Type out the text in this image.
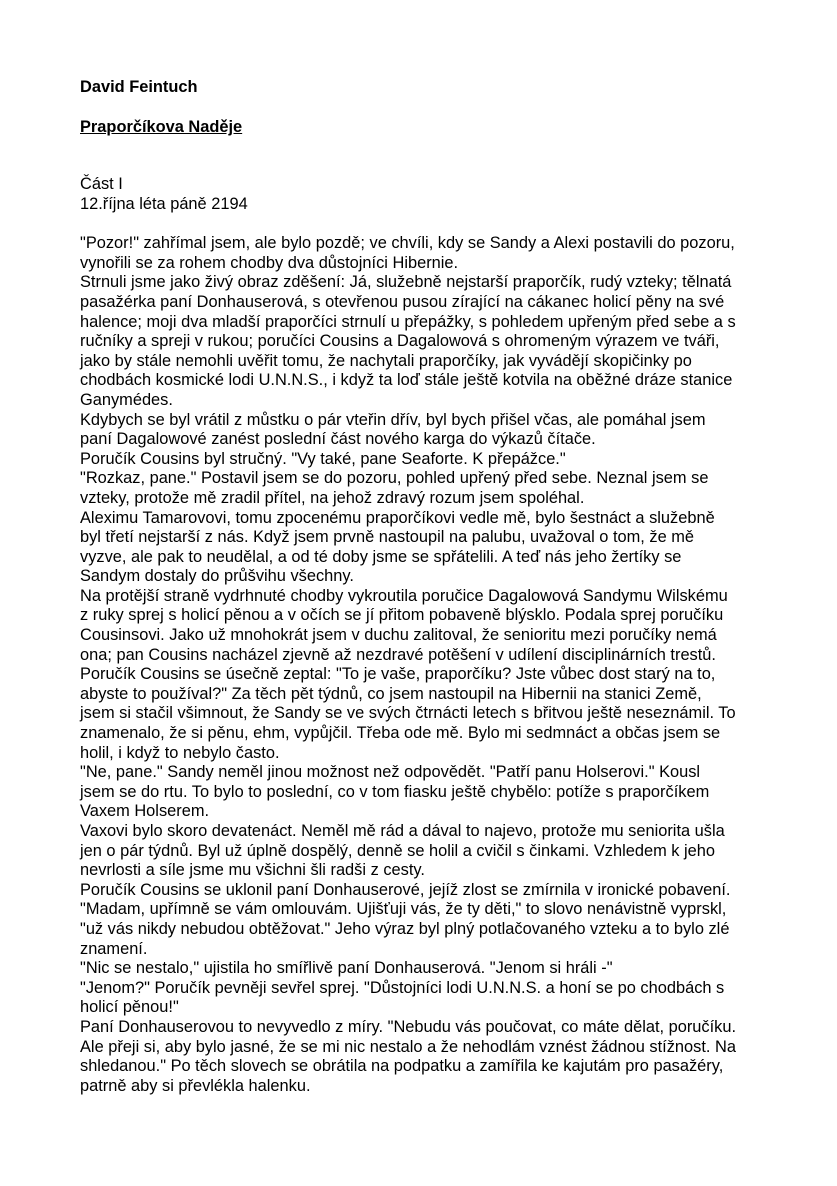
David Feintuch

Praporčíkova Naděje

Část I

12.října léta páně 2194

"Pozor!" zahřímal jsem, ale bylo pozdě; ve chvíli, kdy se Sandy a Alexi postavili do pozoru,
vynořili se za rohem chodby dva důstojníci Hibernie.

Strnuli jsme jako živý obraz zděšení: Já, služebně nejstarší praporčík, rudý vzteky; tělnatá
pasažérka paní Donhauserová, s otevřenou pusou zírající na cákanec holicí pěny na své
halence; moji dva mladší praporčíci strnulí u přepážky, s pohledem upřeným před sebe a s
ručníky a spreji v rukou; poručíci Cousins a Dagalowová s ohromeným výrazem ve tváři,
jako by stále nemohli uvěřit tomu, že nachytali praporčíky, jak vyvádějí skopičinky po
chodbách kosmické lodi U.N.N.S., i když ta loď stále ještě kotvila na oběžné dráze stanice
Ganymédes.

Kdybych se byl vrátil z můstku o pár vteřin dřív, byl bych přišel včas, ale pomáhal jsem
paní Dagalowové zanést poslední část nového karga do výkazů čítače.

Poručík Cousins byl stručný. "Vy také, pane Seaforte. K přepážce."

"Rozkaz, pane." Postavil jsem se do pozoru, pohled upřený před sebe. Neznal jsem se
vzteky, protože mě zradil přítel, na jehož zdravý rozum jsem spoléhal.

Aleximu Tamarovovi, tomu zpocenému praporčíkovi vedle mě, bylo šestnáct a služebně
byl třetí nejstarší z nás. Když jsem prvně nastoupil na palubu, uvažoval o tom, že mě
vyzve, ale pak to neudělal, a od té doby jsme se spřátelili. A teď nás jeho žertíky se
Sandym dostaly do průšvihu všechny.

Na protější straně vydrhnuté chodby vykroutila poručice Dagalowová Sandymu Wilskému
z ruky sprej s holicí pěnou a v očích se jí přitom pobaveně blýsklo. Podala sprej poručíku
Cousinsovi. Jako už mnohokrát jsem v duchu zalitoval, že senioritu mezi poručíky nemá
ona; pan Cousins nacházel zjevně až nezdravé potěšení v udílení disciplinárních trestů.

Poručík Cousins se úsečně zeptal: "To je vaše, praporčíku? Jste vůbec dost starý na to,
abyste to používal?" Za těch pět týdnů, co jsem nastoupil na Hibernii na stanici Země,
jsem si stačil všimnout, že Sandy se ve svých čtrnácti letech s břitvou ještě neseznámil. To
znamenalo, že si pěnu, ehm, vypůjčil. Třeba ode mě. Bylo mi sedmnáct a občas jsem se
holil, i když to nebylo často.

"Ne, pane." Sandy neměl jinou možnost než odpovědět. "Patří panu Holserovi." Kousl
jsem se do rtu. To bylo to poslední, co v tom fiasku ještě chybělo: potíže s praporčíkem
Vaxem Holserem.

Vaxovi bylo skoro devatenáct. Neměl mě rád a dával to najevo, protože mu seniorita ušla
jen o pár týdnů. Byl už úplně dospělý, denně se holil a cvičil s činkami. Vzhledem k jeho
nevrlosti a síle jsme mu všichni šli radši z cesty.

Poručík Cousins se uklonil paní Donhauserové, jejíž zlost se zmírnila v ironické pobavení.
"Madam, upřímně se vám omlouvám. Ujišťuji vás, že ty děti," to slovo nenávistně vyprskl,
"už vás nikdy nebudou obtěžovat." Jeho výraz byl plný potlačovaného vzteku a to bylo zlé
znamení.

"Nic se nestalo," ujistila ho smířlivě paní Donhauserová. "Jenom si hráli -"

"Jenom?" Poručík pevněji sevřel sprej. "Důstojníci lodi U.N.N.S. a honí se po chodbách s
holicí pěnou!"

Paní Donhauserovou to nevyvedlo z míry. "Nebudu vás poučovat, co máte dělat, poručíku.
Ale přeji si, aby bylo jasné, že se mi nic nestalo a že nehodlám vznést žádnou stížnost. Na
shledanou." Po těch slovech se obrátila na podpatku a zamířila ke kajutám pro pasažéry,
patrně aby si převlékla halenku.
